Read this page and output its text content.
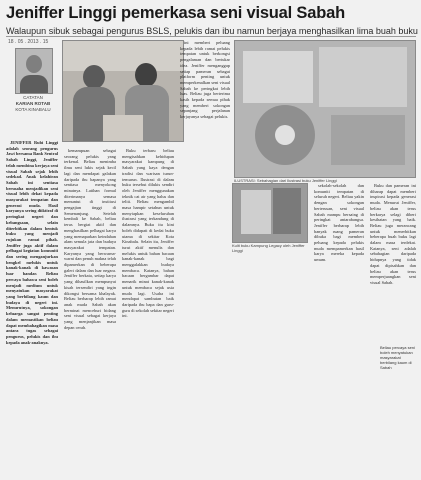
Jeniffer Linggi pemerkasa seni visual Sabah
Walaupun sibuk sebagai pengurus BSLS, pelukis dan ibu namun berjaya menghasilkan lima buah buku
18 . 05 . 2013 . 15
CATATAN
KARIAN ROTAB
KOTA KINABALU
ILUSTRASI: Sebahagian dari Ilustrasi buku Jeniffer Linggi
Kulit buku Kampung Legacy oleh Jeniffer Linggi

JENIFFER Rubi Linggi adalah seorang pengurus Jawi bersama Bank Sentral Sabah Linggi, Jeniffer telah membina kerjaya seni visual Sabah sejak lebih sedekad. Anak kelahiran Sabah ini sentiasa berusaha menjadikan seni visual lebih dekat kepada masyarakat tempatan dan generasi muda. Hasil karyanya sering diiktiraf di peringkat negeri dan kebangsaan, selain diterbitkan dalam bentuk buku yang menjadi rujukan ramai pihak. Jeniffer juga aktif dalam pelbagai kegiatan komuniti dan sering menganjurkan bengkel melukis untuk kanak-kanak di kawasan luar bandar. Beliau percaya bahawa seni boleh menjadi medium untuk menyatukan masyarakat yang berbilang kaum dan budaya di negeri ini. Menurutnya, sokongan keluarga sangat penting dalam memastikan beliau dapat membahagikan masa antara tugas sebagai pengurus, pelukis dan ibu kepada anak-anaknya.

kemampuan sebagai seorang pelukis yang terkenal. Beliau menimba ilmu seni lukis sejak kecil lagi dan mendapat galakan daripada ibu bapanya yang sentiasa menyokong minatnya. Latihan formal diterimanya semasa menuntut di institusi pengajian tinggi di Semenanjung. Setelah kembali ke Sabah, beliau terus bergiat aktif dan menghasilkan pelbagai karya yang memaparkan keindahan alam semula jata dan budaya masyarakat tempatan. Karyanya yang berwarna-warni dan penuh makna telah dipamerkan di beberapa galeri dalam dan luar negara. Jeniffer berkata, setiap karya yang dihasilkan mempunyai kisah tersendiri yang ingin dikongsi bersama khalayak. Beliau berharap lebih ramai anak muda Sabah akan berminat menceburi bidang seni visual sebagai kerjaya yang menjanjikan masa depan cerah.

Buku terbaru beliau mengisahkan kehidupan masyarakat kampung di Sabah yang kaya dengan tradisi dan warisan turun-temurun. Ilustrasi di dalam buku tersebut dilukis sendiri oleh Jeniffer menggunakan teknik cat air yang halus dan teliti. Beliau mengambil masa hampir setahun untuk menyiapkan keseluruhan ilustrasi yang terkandung di dalamnya. Buku itu kini boleh didapati di kedai buku utama di sekitar Kota Kinabalu. Selain itu, Jeniffer turut aktif menulis dan melukis untuk bahan bacaan kanak-kanak bagi menggalakkan budaya membaca. Katanya, bahan bacaan bergambar dapat menarik minat kanak-kanak untuk membaca sejak usia muda lagi. Usaha ini mendapat sambutan baik daripada ibu bapa dan guru-guru di sekolah sekitar negeri ini.

ini memberi peluang kepada lebih ramai pelukis tempatan untuk berkongsi pengalaman dan bertukar idea. Jeniffer menganggap setiap pameran sebagai platform penting untuk memperkenalkan seni visual Sabah ke peringkat lebih luas. Beliau juga berterima kasih kepada semua pihak yang memberi sokongan sepanjang perjalanan kerjayanya sebagai pelukis.

sekolah-sekolah dan komuniti tempatan di seluruh negeri. Beliau yakin dengan sokongan berterusan, seni visual Sabah mampu bersaing di peringkat antarabangsa. Jeniffer berharap lebih banyak ruang pameran dibuka bagi memberi peluang kepada pelukis muda mempamerkan hasil karya mereka kepada umum.

Buku dan pameran ini diharap dapat memberi inspirasi kepada generasi muda. Menurut Jeniffer, beliau akan terus berkarya selagi diberi kesihatan yang baik. Beliau juga merancang untuk menerbitkan beberapa buah buku lagi dalam masa terdekat. Katanya, seni adalah sebahagian daripada hidupnya yang tidak dapat dipisahkan dan beliau akan terus memperjuangkan seni visual Sabah.

Beliau percaya seni boleh menyatukan masyarakat berbilang kaum di Sabah
